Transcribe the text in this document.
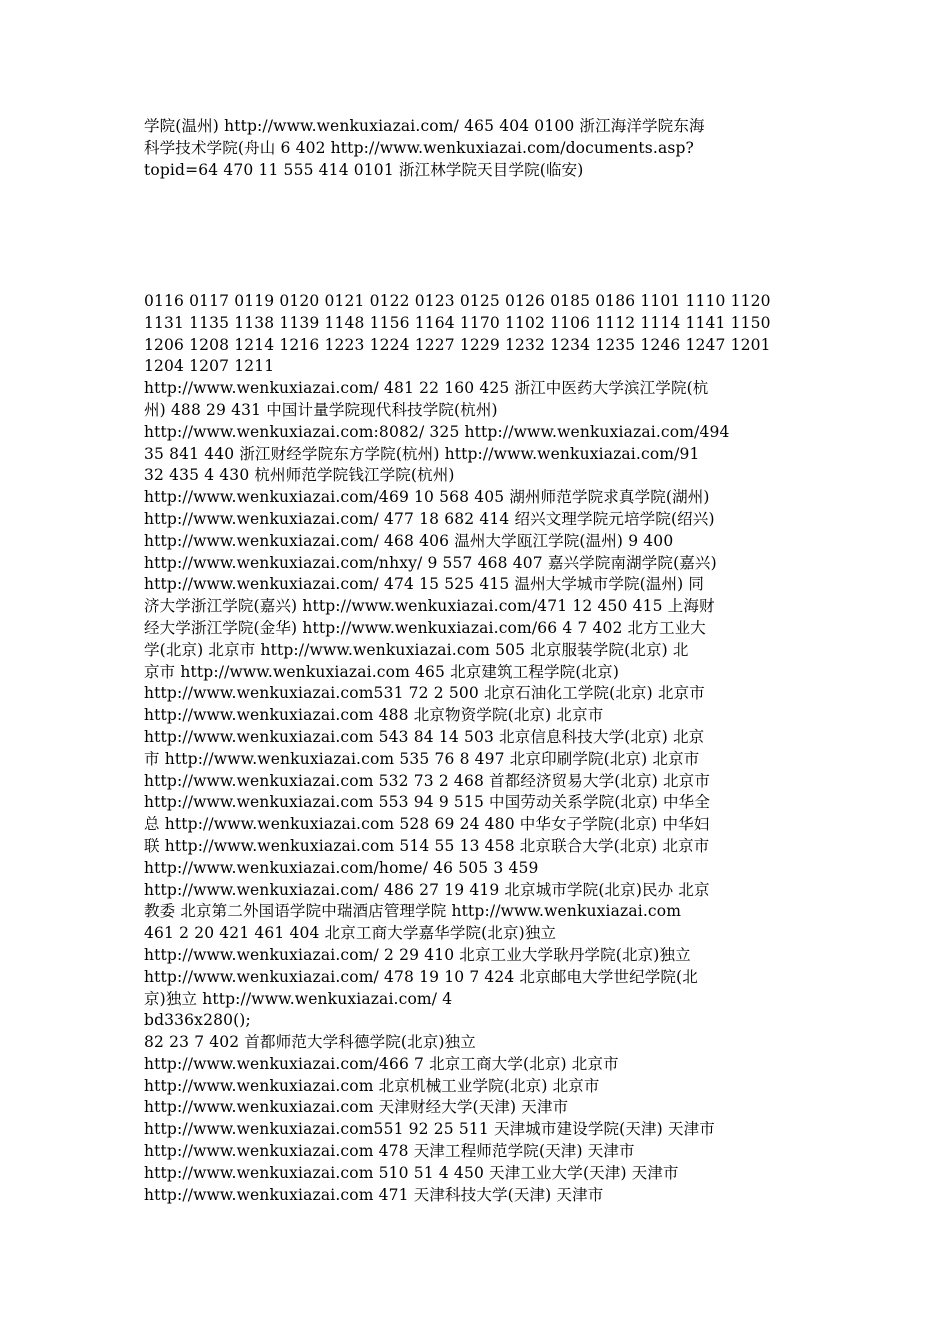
学院(温州) http://www.wenkuxiazai.com/ 465 404 0100 浙江海洋学院东海
科学技术学院(舟山 6 402 http://www.wenkuxiazai.com/documents.asp?
topid=64 470 11 555 414 0101 浙江林学院天目学院(临安)
0116 0117 0119 0120 0121 0122 0123 0125 0126 0185 0186 1101 1110 1120
1131 1135 1138 1139 1148 1156 1164 1170 1102 1106 1112 1114 1141 1150
1206 1208 1214 1216 1223 1224 1227 1229 1232 1234 1235 1246 1247 1201
1204 1207 1211
http://www.wenkuxiazai.com/ 481 22 160 425 浙江中医药大学滨江学院(杭
州) 488 29 431 中国计量学院现代科技学院(杭州)
http://www.wenkuxiazai.com:8082/ 325 http://www.wenkuxiazai.com/494
35 841 440 浙江财经学院东方学院(杭州) http://www.wenkuxiazai.com/91
32 435 4 430 杭州师范学院钱江学院(杭州)
http://www.wenkuxiazai.com/469 10 568 405 湖州师范学院求真学院(湖州)
http://www.wenkuxiazai.com/ 477 18 682 414 绍兴文理学院元培学院(绍兴)
http://www.wenkuxiazai.com/ 468 406 温州大学瓯江学院(温州) 9 400
http://www.wenkuxiazai.com/nhxy/ 9 557 468 407 嘉兴学院南湖学院(嘉兴)
http://www.wenkuxiazai.com/ 474 15 525 415 温州大学城市学院(温州) 同
济大学浙江学院(嘉兴) http://www.wenkuxiazai.com/471 12 450 415 上海财
经大学浙江学院(金华) http://www.wenkuxiazai.com/66 4 7 402 北方工业大
学(北京) 北京市 http://www.wenkuxiazai.com 505 北京服装学院(北京) 北
京市 http://www.wenkuxiazai.com 465 北京建筑工程学院(北京)
http://www.wenkuxiazai.com531 72 2 500 北京石油化工学院(北京) 北京市
http://www.wenkuxiazai.com 488 北京物资学院(北京) 北京市
http://www.wenkuxiazai.com 543 84 14 503 北京信息科技大学(北京) 北京
市 http://www.wenkuxiazai.com 535 76 8 497 北京印刷学院(北京) 北京市
http://www.wenkuxiazai.com 532 73 2 468 首都经济贸易大学(北京) 北京市
http://www.wenkuxiazai.com 553 94 9 515 中国劳动关系学院(北京) 中华全
总 http://www.wenkuxiazai.com 528 69 24 480 中华女子学院(北京) 中华妇
联 http://www.wenkuxiazai.com 514 55 13 458 北京联合大学(北京) 北京市
http://www.wenkuxiazai.com/home/ 46 505 3 459
http://www.wenkuxiazai.com/ 486 27 19 419 北京城市学院(北京)民办 北京
教委 北京第二外国语学院中瑞酒店管理学院 http://www.wenkuxiazai.com
461 2 20 421 461 404 北京工商大学嘉华学院(北京)独立
http://www.wenkuxiazai.com/ 2 29 410 北京工业大学耿丹学院(北京)独立
http://www.wenkuxiazai.com/ 478 19 10 7 424 北京邮电大学世纪学院(北
京)独立 http://www.wenkuxiazai.com/ 4
bd336x280();
82 23 7 402 首都师范大学科德学院(北京)独立
http://www.wenkuxiazai.com/466 7 北京工商大学(北京) 北京市
http://www.wenkuxiazai.com 北京机械工业学院(北京) 北京市
http://www.wenkuxiazai.com 天津财经大学(天津) 天津市
http://www.wenkuxiazai.com551 92 25 511 天津城市建设学院(天津) 天津市
http://www.wenkuxiazai.com 478 天津工程师范学院(天津) 天津市
http://www.wenkuxiazai.com 510 51 4 450 天津工业大学(天津) 天津市
http://www.wenkuxiazai.com 471 天津科技大学(天津) 天津市
